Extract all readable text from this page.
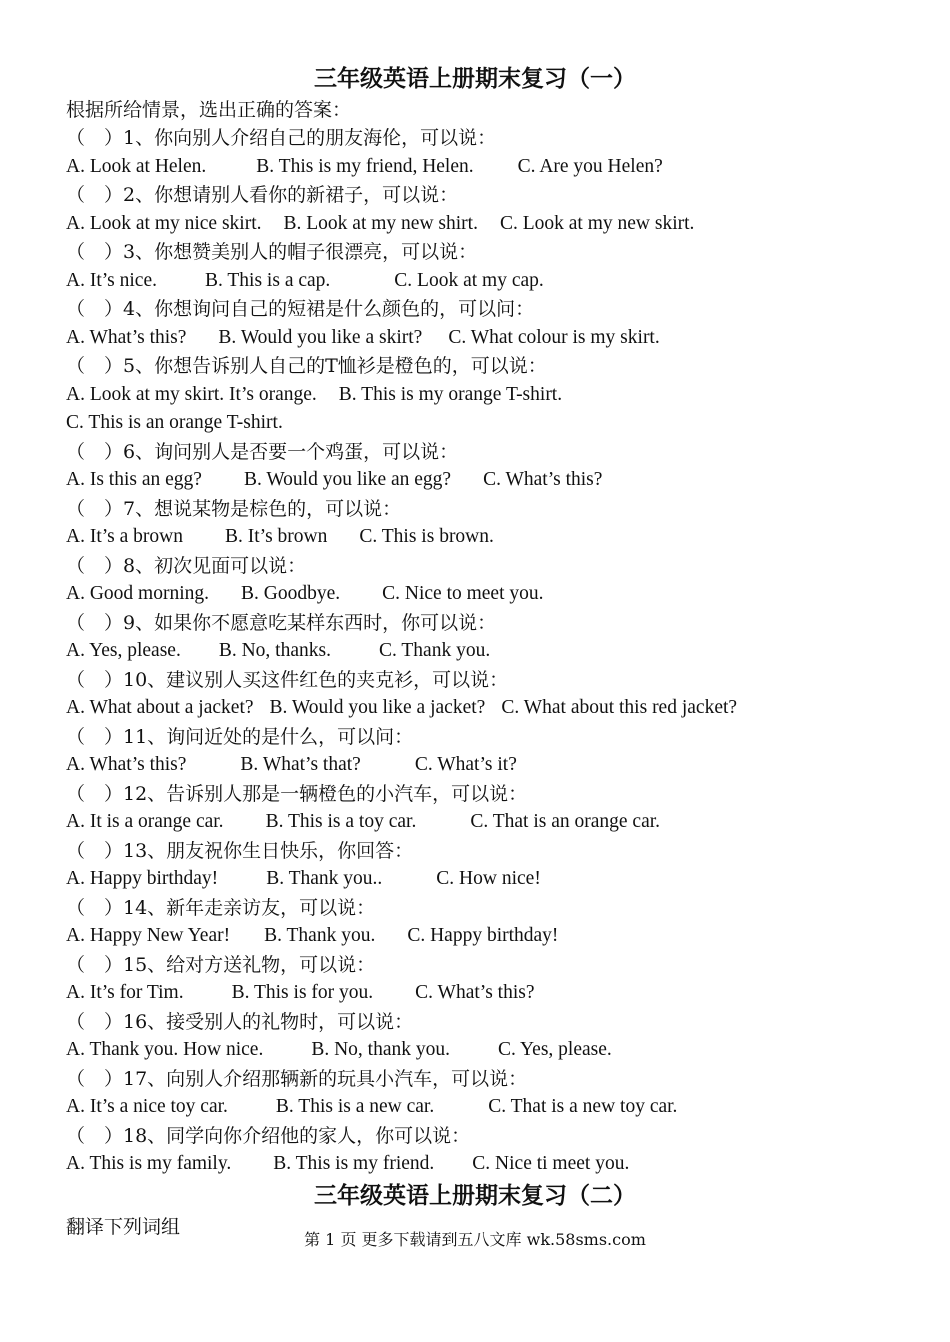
三年级英语上册期末复习（一）
根据所给情景，选出正确的答案：
（　）1、你向别人介绍自己的朋友海伦，可以说：
A. Look at Helen.	B. This is my friend, Helen. C. Are you Helen?
（　）2、你想请别人看你的新裙子，可以说：
A. Look at my nice skirt. B. Look at my new shirt. C. Look at my new skirt.
（　）3、你想赞美别人的帽子很漂亮，可以说：
A. It’s nice. B. This is a cap.	C. Look at my cap.
（　）4、你想询问自己的短裙是什么颜色的，可以问：
A. What’s this? B. Would you like a skirt? C. What colour is my skirt.
（　）5、你想告诉别人自己的T恤衫是橙色的，可以说：
A. Look at my skirt. It’s orange. B. This is my orange T-shirt.
C. This is an orange T-shirt.
（　）6、询问别人是否要一个鸡蛋，可以说：
A. Is this an egg? B. Would you like an egg? C. What’s this?
（　）7、想说某物是棕色的，可以说：
A. It’s a brown B. It’s brown C. This is brown.
（　）8、初次见面可以说：
A. Good morning. B. Goodbye. C. Nice to meet you.
（　）9、如果你不愿意吃某样东西时，你可以说：
A. Yes, please. B. No, thanks. C. Thank you.
（　）10、建议别人买这件红色的夹克衫，可以说：
A. What about a jacket? B. Would you like a jacket? C. What about this red jacket?
（　）11、询问近处的是什么，可以问：
A. What’s this?	B. What’s that?	C. What’s it?
（　）12、告诉别人那是一辆橙色的小汽车，可以说：
A. It is a orange car. B. This is a toy car.	C. That is an orange car.
（　）13、朋友祝你生日快乐，你回答：
A. Happy birthday! B. Thank you..	C. How nice!
（　）14、新年走亲访友，可以说：
A. Happy New Year! B. Thank you. C. Happy birthday!
（　）15、给对方送礼物，可以说：
A. It’s for Tim. B. This is for you. C. What’s this?
（　）16、接受别人的礼物时，可以说：
A. Thank you. How nice. B. No, thank you. C. Yes, please.
（　）17、向别人介绍那辆新的玩具小汽车，可以说：
A. It’s a nice toy car. B. This is a new car.	C. That is a new toy car.
（　）18、同学向你介绍他的家人，你可以说：
A. This is my family. B. This is my friend. C. Nice ti meet you.
三年级英语上册期末复习（二）
翻译下列词组
第 1 页 更多下载请到五八文库 wk.58sms.com
